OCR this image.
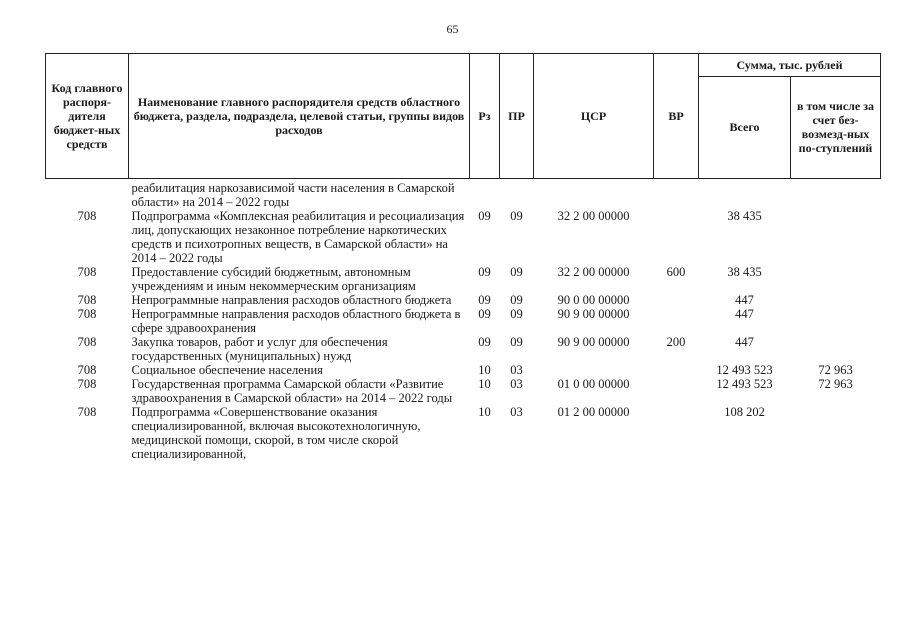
65
Код главного распоря-дителя бюджет-ных средств	Наименование главного распорядителя средств областного бюджета, раздела, подраздела, целевой статьи, группы видов расходов	Рз	ПР	ЦСР	ВР	Сумма, тыс. рублей	
						Всего	в том числе за счет без-возмезд-ных по-ступлений
	реабилитация наркозависимой части населения в Самарской области» на 2014 – 2022 годы						
708	Подпрограмма «Комплексная реабилитация и ресоциализация лиц, допускающих незаконное потребление наркотических средств и психотропных веществ, в Самарской области» на 2014 – 2022 годы	09	09	32 2 00 00000		38 435	
708	Предоставление субсидий бюджетным, автономным учреждениям и иным некоммерческим организациям	09	09	32 2 00 00000	600	38 435	
708	Непрограммные направления расходов областного бюджета	09	09	90 0 00 00000		447	
708	Непрограммные направления расходов областного бюджета в сфере здравоохранения	09	09	90 9 00 00000		447	
708	Закупка товаров, работ и услуг для обеспечения государственных (муниципальных) нужд	09	09	90 9 00 00000	200	447	
708	Социальное обеспечение населения	10	03			12 493 523	72 963
708	Государственная программа Самарской области «Развитие здравоохранения в Самарской области» на 2014 – 2022 годы	10	03	01 0 00 00000		12 493 523	72 963
708	Подпрограмма «Совершенствование оказания специализированной, включая высокотехнологичную, медицинской помощи, скорой, в том числе скорой специализированной,	10	03	01 2 00 00000		108 202	
